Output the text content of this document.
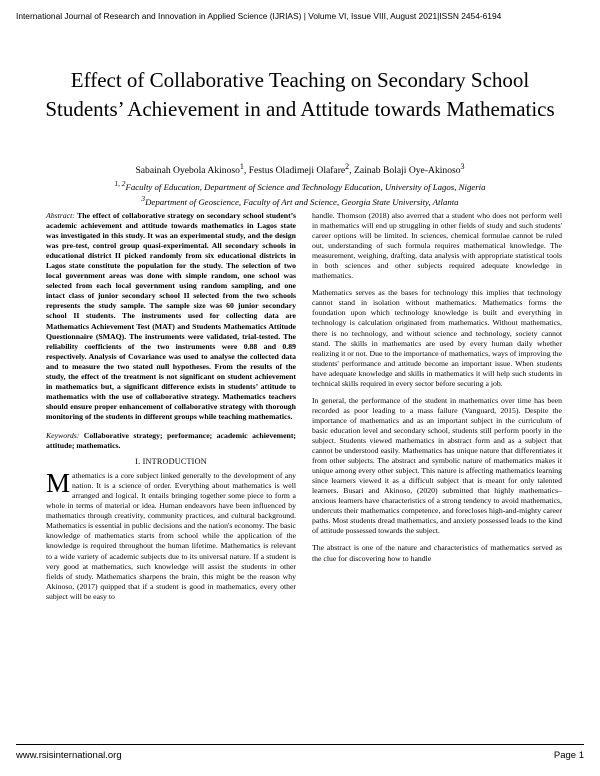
International Journal of Research and Innovation in Applied Science (IJRIAS) | Volume VI, Issue VIII, August 2021|ISSN 2454-6194
Effect of Collaborative Teaching on Secondary School Students’ Achievement in and Attitude towards Mathematics
Sabainah Oyebola Akinoso$^1$, Festus Oladimeji Olafare$^2$, Zainab Bolaji Oye-Akinoso$^3$
$^{1, 2}$Faculty of Education, Department of Science and Technology Education, University of Lagos, Nigeria
$^3$Department of Geoscience, Faculty of Art and Science, Georgia State University, Atlanta

Abstract: The effect of collaborative strategy on secondary school student’s academic achievement and attitude towards mathematics in Lagos state was investigated in this study. It was an experimental study, and the design was pre-test, control group quasi-experimental. All secondary schools in educational district II picked randomly from six educational districts in Lagos state constitute the population for the study. The selection of two local government areas was done with simple random, one school was selected from each local government using random sampling, and one intact class of junior secondary school II selected from the two schools represents the study sample. The sample size was 60 junior secondary school II students. The instruments used for collecting data are Mathematics Achievement Test (MAT) and Students Mathematics Attitude Questionnaire (SMAQ). The instruments were validated, trial-tested. The reliability coefficients of the two instruments were 0.88 and 0.89 respectively. Analysis of Covariance was used to analyse the collected data and to measure the two stated null hypotheses. From the results of the study, the effect of the treatment is not significant on student achievement in mathematics but, a significant difference exists in students’ attitude to mathematics with the use of collaborative strategy. Mathematics teachers should ensure proper enhancement of collaborative strategy with thorough monitoring of the students in different groups while teaching mathematics.

Keywords: Collaborative strategy; performance; academic achievement; attitude; mathematics.

I. INTRODUCTION

Mathematics is a core subject linked generally to the development of any nation. It is a science of order. Everything about mathematics is well arranged and logical. It entails bringing together some piece to form a whole in terms of material or idea. Human endeavors have been influenced by mathematics through creativity, community practices, and cultural background. Mathematics is essential in public decisions and the nation's economy. The basic knowledge of mathematics starts from school while the application of the knowledge is required throughout the human lifetime. Mathematics is relevant to a wide variety of academic subjects due to its universal nature. If a student is very good at mathematics, such knowledge will assist the students in other fields of study. Mathematics sharpens the brain, this might be the reason why Akinoso, (2017) quipped that if a student is good in mathematics, every other subject will be easy to

handle. Thomson (2018) also averred that a student who does not perform well in mathematics will end up struggling in other fields of study and such students' career options will be limited. In sciences, chemical formulae cannot be ruled out, understanding of such formula requires mathematical knowledge. The measurement, weighing, drafting, data analysis with appropriate statistical tools in both sciences and other subjects required adequate knowledge in mathematics.

Mathematics serves as the bases for technology this implies that technology cannot stand in isolation without mathematics. Mathematics forms the foundation upon which technology knowledge is built and everything in technology is calculation originated from mathematics. Without mathematics, there is no technology, and without science and technology, society cannot stand. The skills in mathematics are used by every human daily whether realizing it or not. Due to the importance of mathematics, ways of improving the students' performance and attitude become an important issue. When students have adequate knowledge and skills in mathematics it will help such students in technical skills required in every sector before securing a job.

In general, the performance of the student in mathematics over time has been recorded as poor leading to a mass failure (Vanguard, 2015). Despite the importance of mathematics and as an important subject in the curriculum of basic education level and secondary school, students still perform poorly in the subject. Students viewed mathematics in abstract form and as a subject that cannot be understood easily. Mathematics has unique nature that differentiates it from other subjects. The abstract and symbolic nature of mathematics makes it unique among every other subject. This nature is affecting mathematics learning since learners viewed it as a difficult subject that is meant for only talented learners. Busari and Akinoso, (2020) submitted that highly mathematics–anxious learners have characteristics of a strong tendency to avoid mathematics, undercuts their mathematics competence, and forecloses high-and-mighty career paths. Most students dread mathematics, and anxiety possessed leads to the kind of attitude possessed towards the subject.

The abstract is one of the nature and characteristics of mathematics served as the clue for discovering how to handle

www.rsisinternational.org	Page 1
